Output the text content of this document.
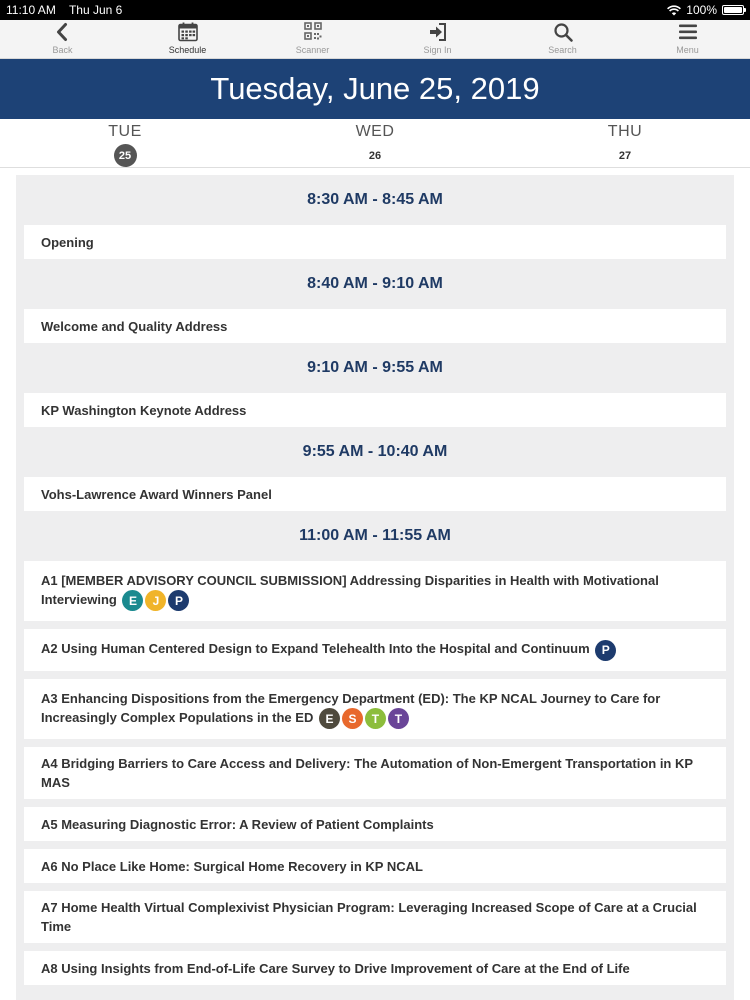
11:10 AM Thu Jun 6	100%
Back	Schedule	Scanner	Sign In	Search	Menu
Tuesday, June 25, 2019
TUE
25
WED
26
THU
27
8:30 AM - 8:45 AM
Opening
8:40 AM - 9:10 AM
Welcome and Quality Address
9:10 AM - 9:55 AM
KP Washington Keynote Address
9:55 AM - 10:40 AM
Vohs-Lawrence Award Winners Panel
11:00 AM - 11:55 AM
A1 [MEMBER ADVISORY COUNCIL SUBMISSION] Addressing Disparities in Health with Motivational Interviewing E J P
A2 Using Human Centered Design to Expand Telehealth Into the Hospital and Continuum P
A3 Enhancing Dispositions from the Emergency Department (ED): The KP NCAL Journey to Care for Increasingly Complex Populations in the ED E S T T
A4 Bridging Barriers to Care Access and Delivery: The Automation of Non-Emergent Transportation in KP MAS
A5 Measuring Diagnostic Error: A Review of Patient Complaints
A6 No Place Like Home: Surgical Home Recovery in KP NCAL
A7 Home Health Virtual Complexivist Physician Program: Leveraging Increased Scope of Care at a Crucial Time
A8 Using Insights from End-of-Life Care Survey to Drive Improvement of Care at the End of Life
